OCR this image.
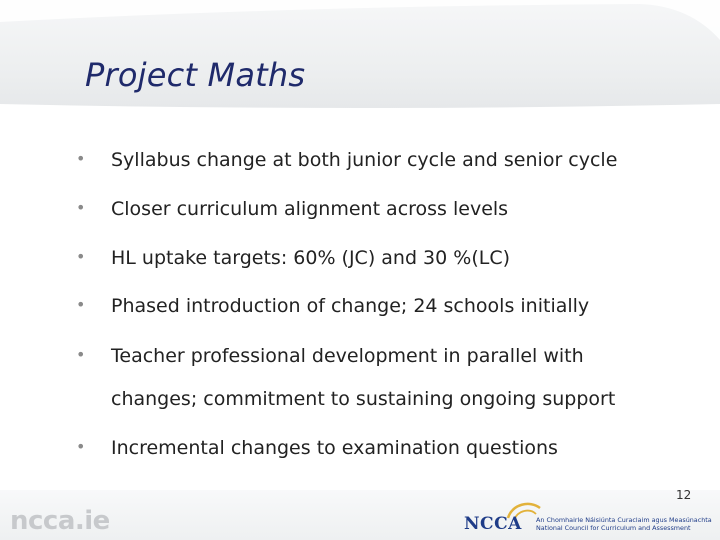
Project Maths
• Syllabus change at both junior cycle and senior cycle
• Closer curriculum alignment across levels
• HL uptake targets: 60% (JC) and 30 %(LC)
• Phased introduction of change; 24 schools initially
• Teacher professional development in parallel with
changes; commitment to sustaining ongoing support
• Incremental changes to examination questions
12
ncca.ie	NCCA An Chomhairle Náisiúnta Curaclaim agus Measúnachta
National Council for Curriculum and Assessment
